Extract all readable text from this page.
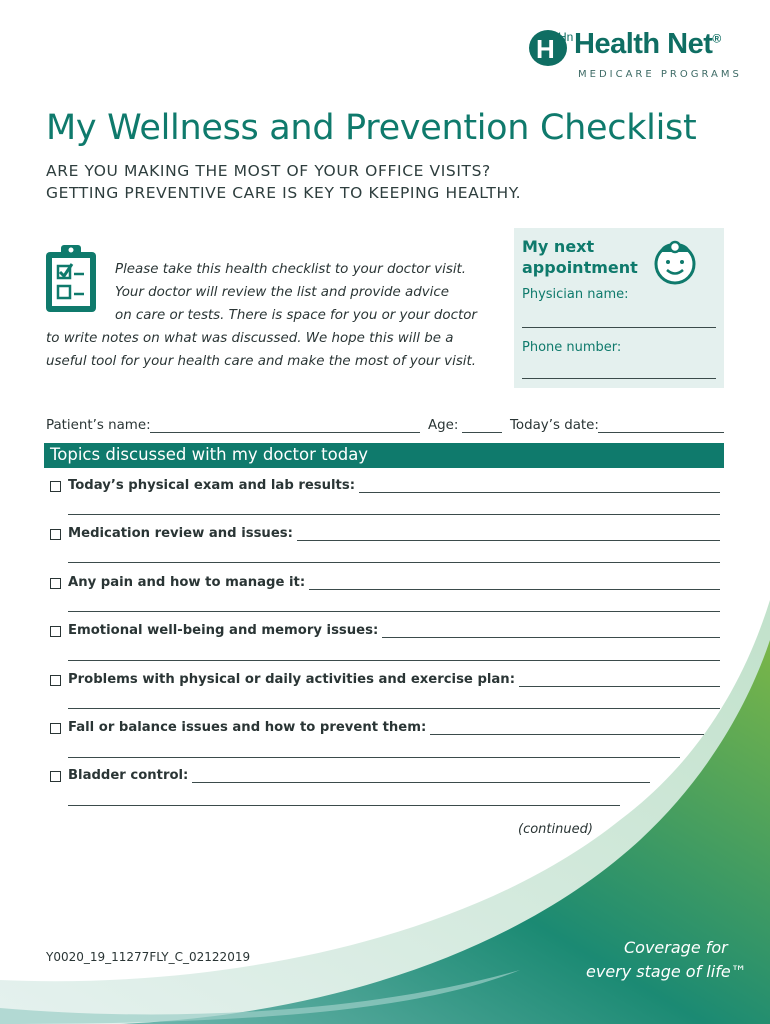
H Hn Health Net®
MEDICARE PROGRAMS
My Wellness and Prevention Checklist
ARE YOU MAKING THE MOST OF YOUR OFFICE VISITS?
GETTING PREVENTIVE CARE IS KEY TO KEEPING HEALTHY.
Please take this health checklist to your doctor visit.
Your doctor will review the list and provide advice
on care or tests. There is space for you or your doctor
to write notes on what was discussed. We hope this will be a
useful tool for your health care and make the most of your visit.
My next appointment
Physician name:
Phone number:
Patient’s name:	Age:	Today’s date:
Topics discussed with my doctor today
Today’s physical exam and lab results:
Medication review and issues:
Any pain and how to manage it:
Emotional well-being and memory issues:
Problems with physical or daily activities and exercise plan:
Fall or balance issues and how to prevent them:
Bladder control:
(continued)
Y0020_19_11277FLY_C_02122019	Coverage for
every stage of life™
